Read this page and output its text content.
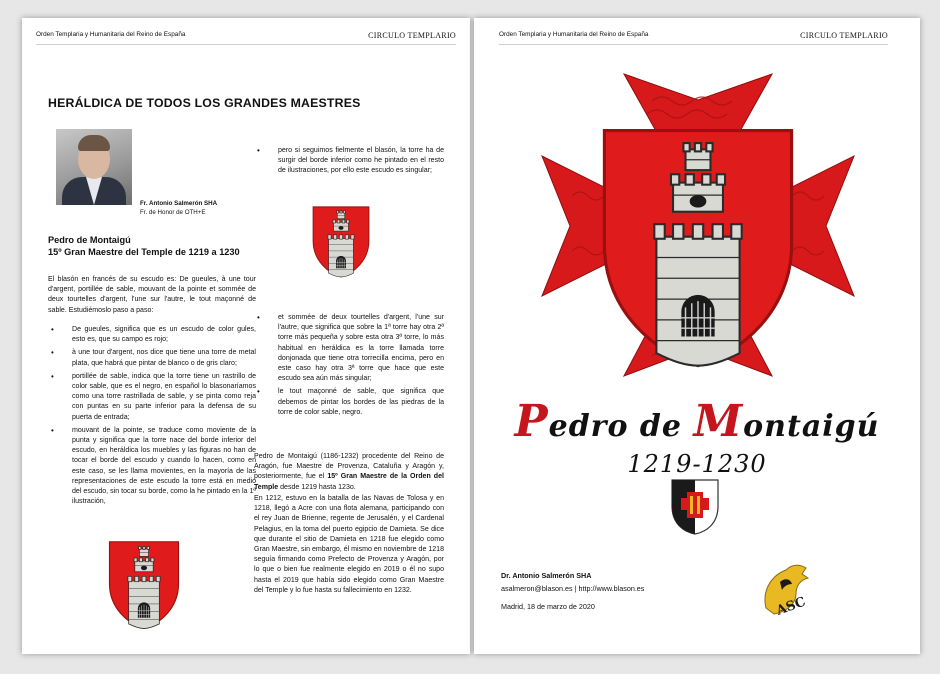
Orden Templaria y Humanitaria del Reino de España	CIRCULO TEMPLARIO
HERÁLDICA DE TODOS LOS GRANDES MAESTRES
Fr. Antonio Salmerón SHA
Fr. de Honor de OTH+E
Pedro de Montaigú
15º Gran Maestre del Temple de 1219 a 1230
El blasón en francés de su escudo es: De gueules, à une tour d'argent, portillée de sable, mouvant de la pointe et sommée de deux tourtelles d'argent, l'une sur l'autre, le tout maçonné de sable. Estudiémoslo paso a paso:
• De gueules, significa que es un escudo de color gules, esto es, que su campo es rojo;
• à une tour d'argent, nos dice que tiene una torre de metal plata, que habrá que pintar de blanco o de gris claro;
• portillée de sable, indica que la torre tiene un rastrillo de color sable, que es el negro, en español lo blasonaríamos como una torre rastrillada de sable, y se pinta como reja con puntas en su parte inferior para la defensa de su puerta de entrada;
• mouvant de la pointe, se traduce como moviente de la punta y significa que la torre nace del borde inferior del escudo, en heráldica los muebles y las figuras no han de tocar el borde del escudo y cuando lo hacen, como en este caso, se les llama movientes, en la mayoría de las representaciones de este escudo la torre está en medio del escudo, sin tocar su borde, como la he pintado en la 1ª ilustración,
• pero si seguimos fielmente el blasón, la torre ha de surgir del borde inferior como he pintado en el resto de ilustraciones, por ello este escudo es singular;
• et sommée de deux tourtelles d'argent, l'une sur l'autre, que significa que sobre la 1ª torre hay otra 2ª torre más pequeña y sobre esta otra 3ª torre, lo más habitual en heráldica es la torre llamada torre donjonada que tiene otra torrecilla encima, pero en este caso hay otra 3ª torre que hace que este escudo sea aún más singular;
• le tout maçonné de sable, que significa que debemos de pintar los bordes de las piedras de la torre de color sable, negro.
Pedro de Montaigú (1186-1232) procedente del Reino de Aragón, fue Maestre de Provenza, Cataluña y Aragón y, posteriormente, fue el 15º Gran Maestre de la Orden del Temple desde 1219 hasta 123o.
En 1212, estuvo en la batalla de las Navas de Tolosa y en 1218, llegó a Acre con una flota alemana, participando con el rey Juan de Brienne, regente de Jerusalén, y el Cardenal Pelagius, en la toma del puerto egipcio de Damieta. Se dice que durante el sitio de Damieta en 1218 fue elegido como Gran Maestre, sin embargo, él mismo en noviembre de 1218 seguía firmando como Prefecto de Provenza y Aragón, por lo que o bien fue realmente elegido en 2019 o él no supo hasta el 2019 que había sido elegido como Gran Maestre del Temple y lo fue hasta su fallecimiento en 1232.
Orden Templaria y Humanitaria del Reino de España	CIRCULO TEMPLARIO
Pedro de Montaigú
1219-1230
Dr. Antonio Salmerón SHA
asalmeron@blason.es | http://www.blason.es
Madrid, 18 de marzo de 2020	ASC
